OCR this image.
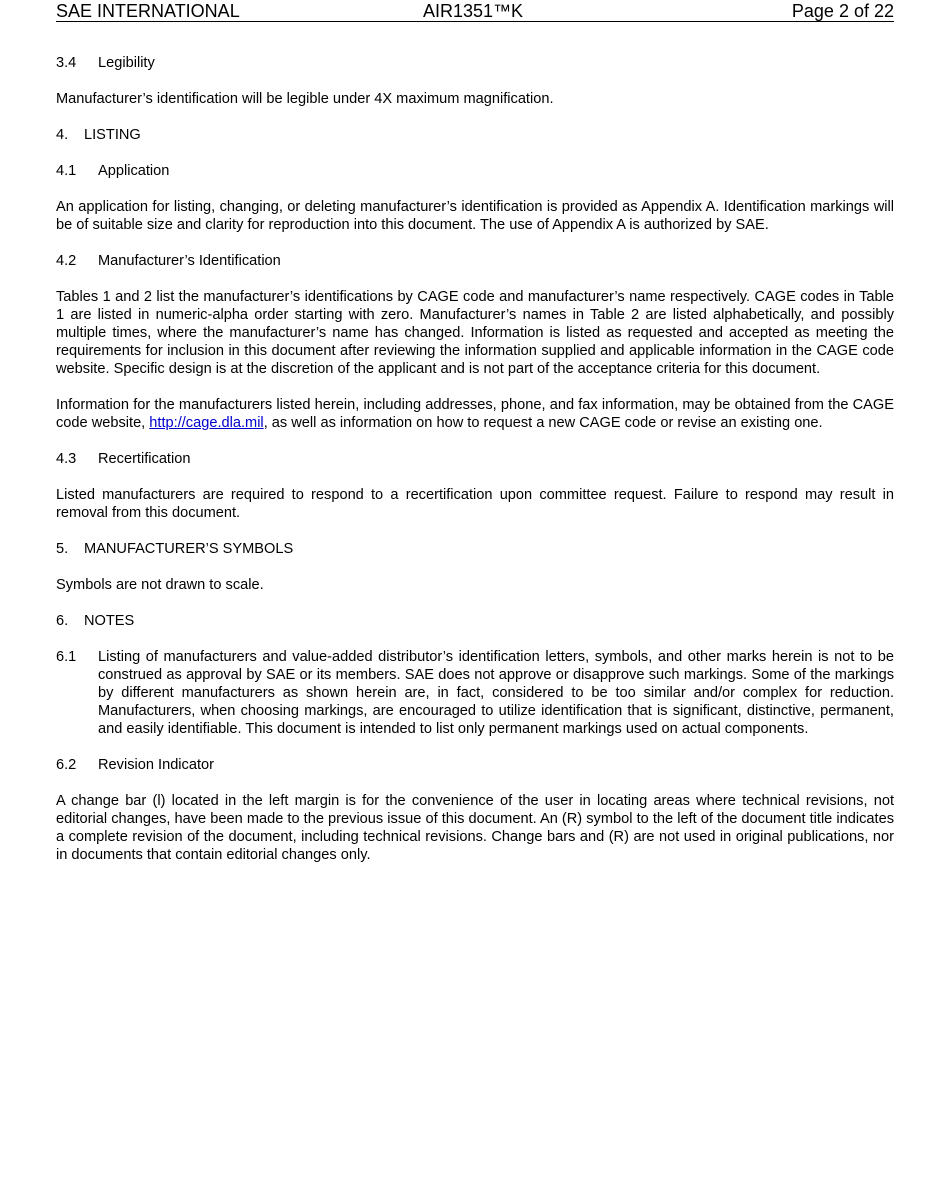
SAE INTERNATIONAL	AIR1351™K	Page 2 of 22
3.4 Legibility

Manufacturer’s identification will be legible under 4X maximum magnification.

4. LISTING
4.1 Application

An application for listing, changing, or deleting manufacturer’s identification is provided as Appendix A. Identification markings will be of suitable size and clarity for reproduction into this document. The use of Appendix A is authorized by SAE.

4.2 Manufacturer’s Identification

Tables 1 and 2 list the manufacturer’s identifications by CAGE code and manufacturer’s name respectively. CAGE codes in Table 1 are listed in numeric-alpha order starting with zero. Manufacturer’s names in Table 2 are listed alphabetically, and possibly multiple times, where the manufacturer’s name has changed. Information is listed as requested and accepted as meeting the requirements for inclusion in this document after reviewing the information supplied and applicable information in the CAGE code website. Specific design is at the discretion of the applicant and is not part of the acceptance criteria for this document.

Information for the manufacturers listed herein, including addresses, phone, and fax information, may be obtained from the CAGE code website, http://cage.dla.mil, as well as information on how to request a new CAGE code or revise an existing one.

4.3 Recertification

Listed manufacturers are required to respond to a recertification upon committee request. Failure to respond may result in removal from this document.

5. MANUFACTURER’S SYMBOLS

Symbols are not drawn to scale.

6. NOTES
6.1	Listing of manufacturers and value-added distributor’s identification letters, symbols, and other marks herein is not to be construed as approval by SAE or its members. SAE does not approve or disapprove such markings. Some of the markings by different manufacturers as shown herein are, in fact, considered to be too similar and/or complex for reduction. Manufacturers, when choosing markings, are encouraged to utilize identification that is significant, distinctive, permanent, and easily identifiable. This document is intended to list only permanent markings used on actual components.
6.2 Revision Indicator

A change bar (l) located in the left margin is for the convenience of the user in locating areas where technical revisions, not editorial changes, have been made to the previous issue of this document. An (R) symbol to the left of the document title indicates a complete revision of the document, including technical revisions. Change bars and (R) are not used in original publications, nor in documents that contain editorial changes only.
